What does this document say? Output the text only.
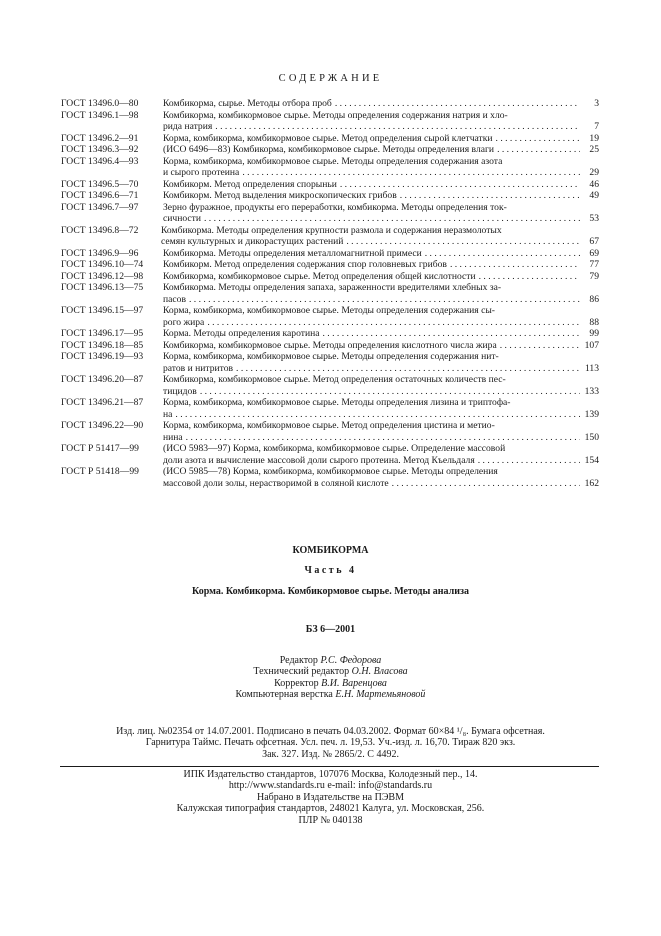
СОДЕРЖАНИЕ
ГОСТ 13496.0—80	Комбикорма, сырье. Методы отбора проб . . .	3
ГОСТ 13496.1—98	Комбикорма, комбикормовое сырье. Методы определения содержания натрия и хло-
рида натрия . . .	7
ГОСТ 13496.2—91	Корма, комбикорма, комбикормовое сырье. Метод определения сырой клетчатки . . .	19
ГОСТ 13496.3—92	(ИСО 6496—83) Комбикорма, комбикормовое сырье. Методы определения влаги . . .	25
ГОСТ 13496.4—93	Корма, комбикорма, комбикормовое сырье. Методы определения содержания азота
и сырого протеина . . .	29
ГОСТ 13496.5—70	Комбикорм. Метод определения спорыньи . . .	46
ГОСТ 13496.6—71	Комбикорм. Метод выделения микроскопических грибов . . .	49
ГОСТ 13496.7—97	Зерно фуражное, продукты его переработки, комбикорма. Методы определения ток-
сичности . . .	53
ГОСТ 13496.8—72	Комбикорма. Методы определения крупности размола и содержания неразмолотых
семян культурных и дикорастущих растений . . .	67
ГОСТ 13496.9—96	Комбикорма. Методы определения металломагнитной примеси . . .	69
ГОСТ 13496.10—74	Комбикорм. Метод определения содержания спор головневых грибов . . .	77
ГОСТ 13496.12—98	Комбикорма, комбикормовое сырье. Метод определения общей кислотности . . .	79
ГОСТ 13496.13—75	Комбикорма. Методы определения запаха, зараженности вредителями хлебных за-
пасов . . .	86
ГОСТ 13496.15—97	Корма, комбикорма, комбикормовое сырье. Методы определения содержания сы-
рого жира . . .	88
ГОСТ 13496.17—95	Корма. Методы определения каротина . . .	99
ГОСТ 13496.18—85	Комбикорма, комбикормовое сырье. Методы определения кислотного числа жира . . .	107
ГОСТ 13496.19—93	Корма, комбикорма, комбикормовое сырье. Методы определения содержания нит-
ратов и нитритов . . .	113
ГОСТ 13496.20—87	Комбикорма, комбикормовое сырье. Метод определения остаточных количеств пес-
тицидов . . .	133
ГОСТ 13496.21—87	Корма, комбикорма, комбикормовое сырье. Методы определения лизина и триптофа-
на . . .	139
ГОСТ 13496.22—90	Корма, комбикорма, комбикормовое сырье. Метод определения цистина и метио-
нина . . .	150
ГОСТ Р 51417—99	(ИСО 5983—97) Корма, комбикорма, комбикормовое сырье. Определение массовой
доли азота и вычисление массовой доли сырого протеина. Метод Къельдаля . . .	154
ГОСТ Р 51418—99	(ИСО 5985—78) Корма, комбикорма, комбикормовое сырье. Методы определения
массовой доли золы, нерастворимой в соляной кислоте . . .	162
КОМБИКОРМА
Часть 4
Корма. Комбикорма. Комбикормовое сырье. Методы анализа
БЗ 6—2001
Редактор Р.С. Федорова
Технический редактор О.Н. Власова
Корректор В.И. Варенцова
Компьютерная верстка Е.Н. Мартемьяновой
Изд. лиц. №02354 от 14.07.2001. Подписано в печать 04.03.2002. Формат 60×84 ¹/₈. Бумага офсетная.
Гарнитура Таймс. Печать офсетная. Усл. печ. л. 19,53. Уч.-изд. л. 16,70. Тираж 820 экз.
Зак. 327. Изд. № 2865/2. С 4492.
ИПК Издательство стандартов, 107076 Москва, Колодезный пер., 14.
http://www.standards.ru e-mail: info@standards.ru
Набрано в Издательстве на ПЭВМ
Калужская типография стандартов, 248021 Калуга, ул. Московская, 256.
ПЛР № 040138
